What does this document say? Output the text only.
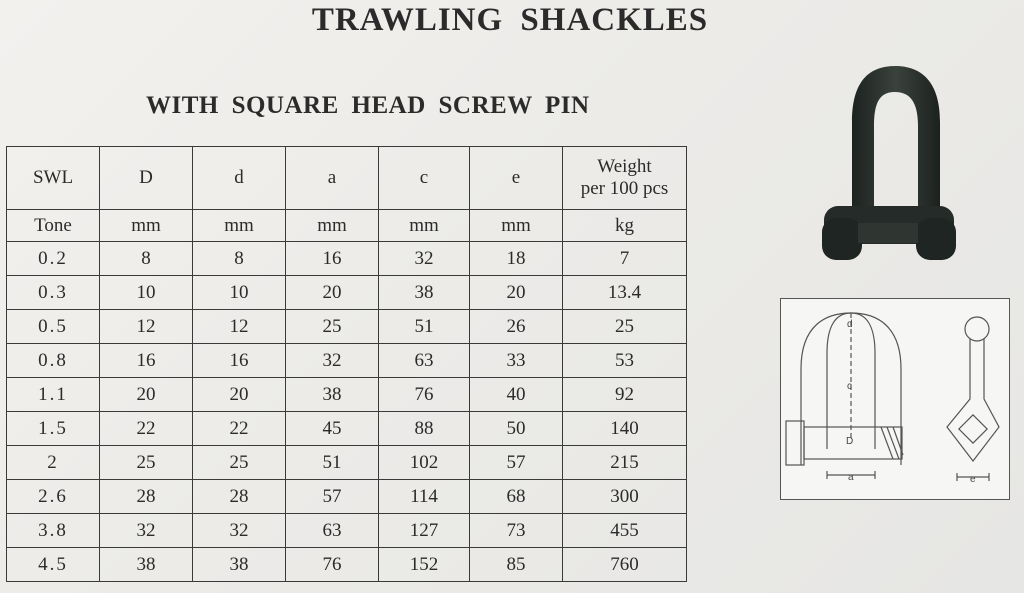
TRAWLING SHACKLES
WITH SQUARE HEAD SCREW PIN
SWL	D	d	a	c	e	Weight
per 100 pcs
Tone	mm	mm	mm	mm	mm	kg
0.2	8	8	16	32	18	7
0.3	10	10	20	38	20	13.4
0.5	12	12	25	51	26	25
0.8	16	16	32	63	33	53
1.1	20	20	38	76	40	92
1.5	22	22	45	88	50	140
2	25	25	51	102	57	215
2.6	28	28	57	114	68	300
3.8	32	32	63	127	73	455
4.5	38	38	76	152	85	760
d
c
D
a	e
